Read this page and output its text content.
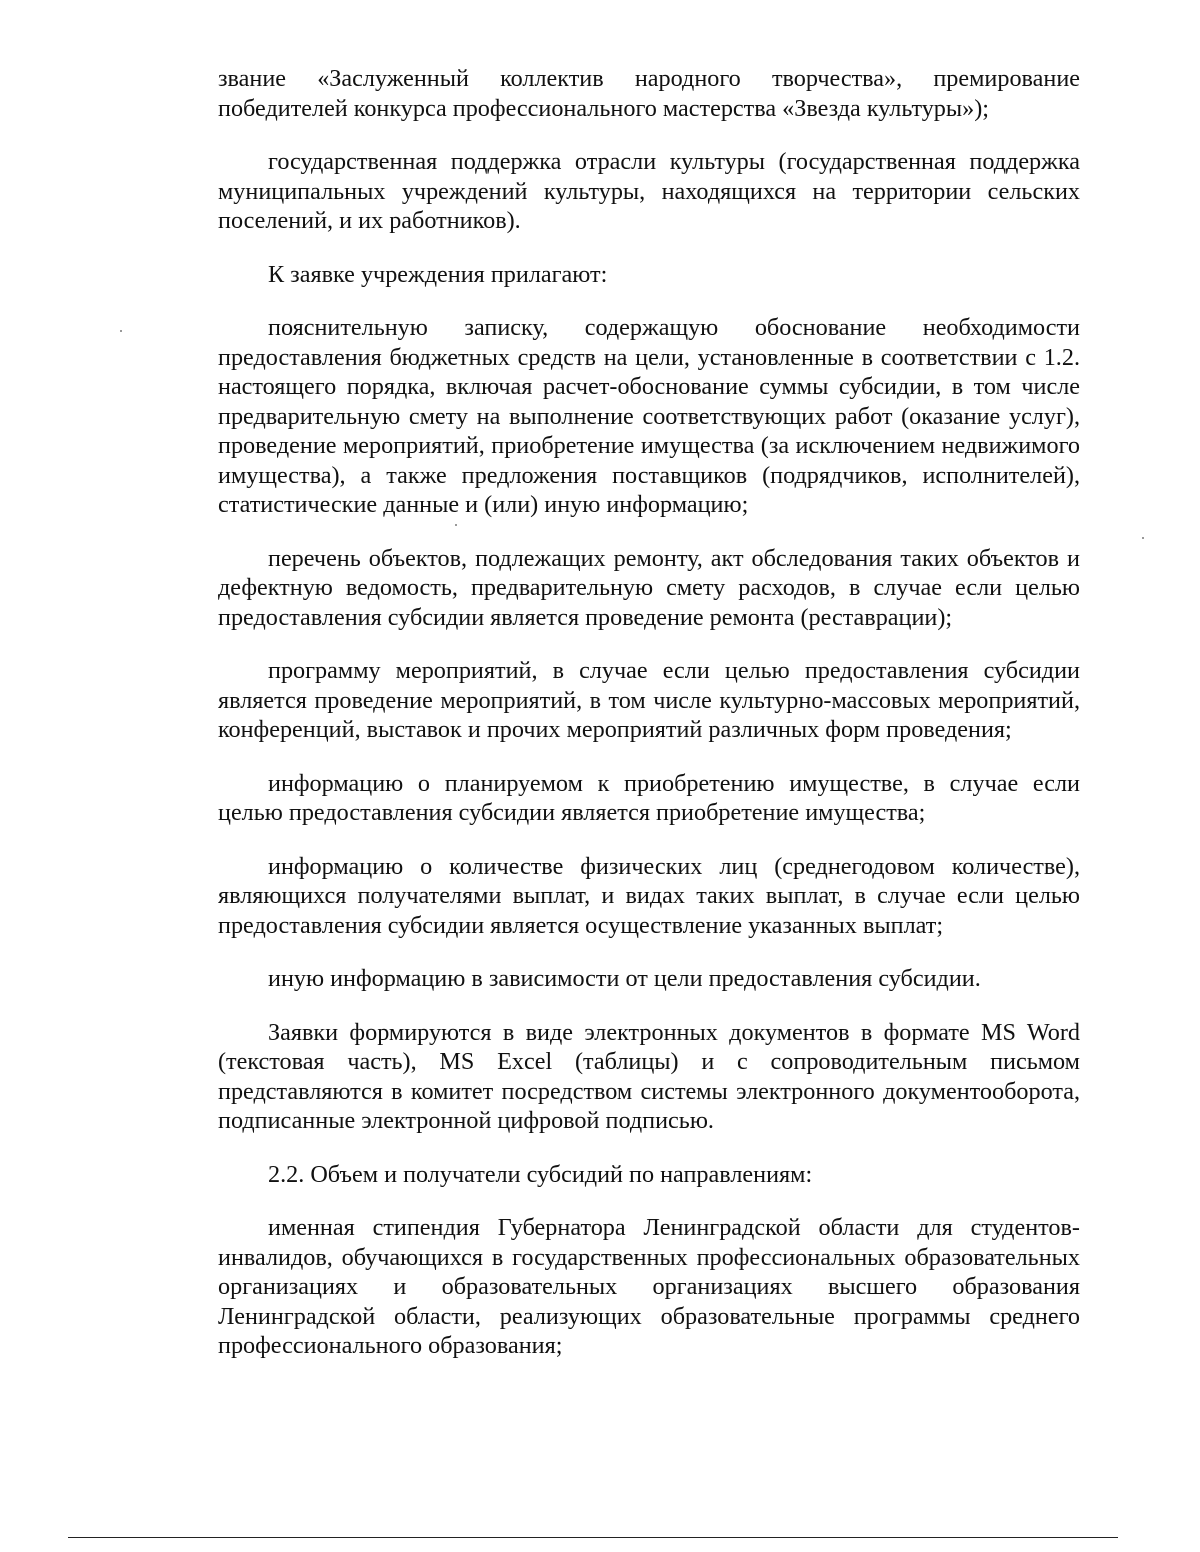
звание «Заслуженный коллектив народного творчества», премирование победителей конкурса профессионального мастерства «Звезда культуры»);

государственная поддержка отрасли культуры (государственная поддержка муниципальных учреждений культуры, находящихся на территории сельских поселений, и их работников).

К заявке учреждения прилагают:

пояснительную записку, содержащую обоснование необходимости предоставления бюджетных средств на цели, установленные в соответствии с 1.2. настоящего порядка, включая расчет-обоснование суммы субсидии, в том числе предварительную смету на выполнение соответствующих работ (оказание услуг), проведение мероприятий, приобретение имущества (за исключением недвижимого имущества), а также предложения поставщиков (подрядчиков, исполнителей), статистические данные и (или) иную информацию;

перечень объектов, подлежащих ремонту, акт обследования таких объектов и дефектную ведомость, предварительную смету расходов, в случае если целью предоставления субсидии является проведение ремонта (реставрации);

программу мероприятий, в случае если целью предоставления субсидии является проведение мероприятий, в том числе культурно-массовых мероприятий, конференций, выставок и прочих мероприятий различных форм проведения;

информацию о планируемом к приобретению имуществе, в случае если целью предоставления субсидии является приобретение имущества;

информацию о количестве физических лиц (среднегодовом количестве), являющихся получателями выплат, и видах таких выплат, в случае если целью предоставления субсидии является осуществление указанных выплат;

иную информацию в зависимости от цели предоставления субсидии.

Заявки формируются в виде электронных документов в формате MS Word (текстовая часть), MS Excel (таблицы) и с сопроводительным письмом представляются в комитет посредством системы электронного документооборота, подписанные электронной цифровой подписью.

2.2. Объем и получатели субсидий по направлениям:

именная стипендия Губернатора Ленинградской области для студентов-инвалидов, обучающихся в государственных профессиональных образовательных организациях и образовательных организациях высшего образования Ленинградской области, реализующих образовательные программы среднего профессионального образования;
